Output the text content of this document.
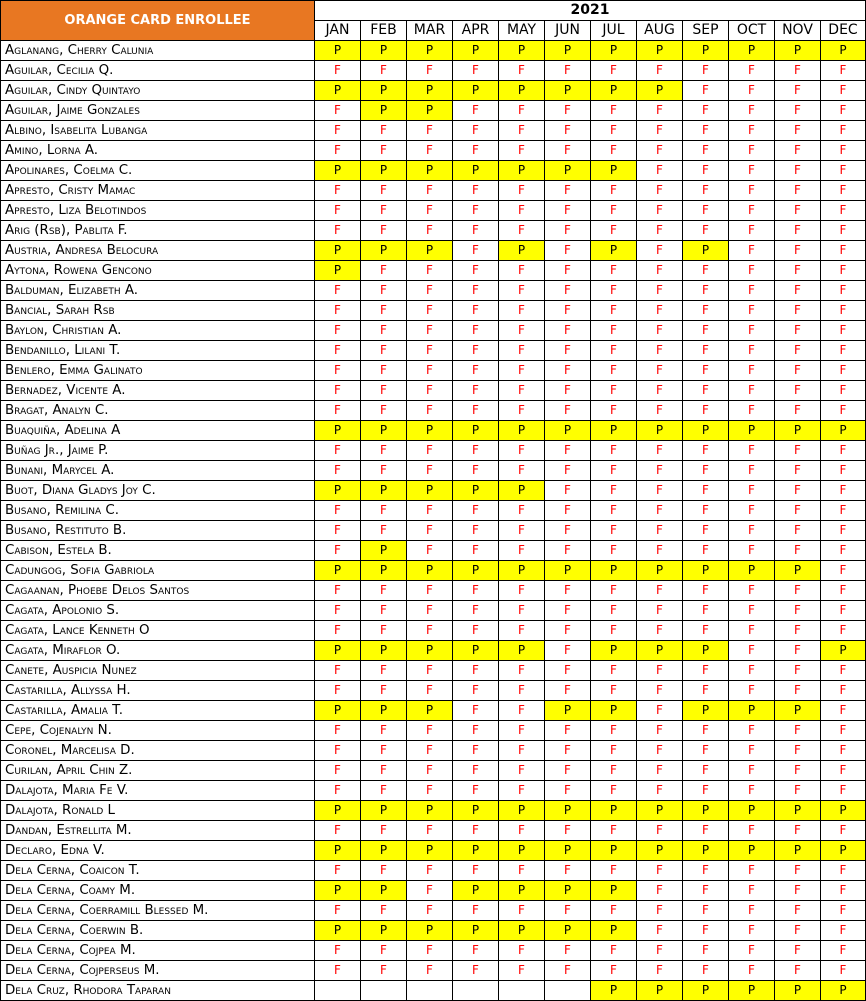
ORANGE CARD ENROLLEE	2021											
	JAN	FEB	MAR	APR	MAY	JUN	JUL	AUG	SEP	OCT	NOV	DEC
Aglanang, Cherry Calunia	P	P	P	P	P	P	P	P	P	P	P	P
Aguilar, Cecilia Q.	F	F	F	F	F	F	F	F	F	F	F	F
Aguilar, Cindy Quintayo	P	P	P	P	P	P	P	P	F	F	F	F
Aguilar, Jaime Gonzales	F	P	P	F	F	F	F	F	F	F	F	F
Albino, Isabelita Lubanga	F	F	F	F	F	F	F	F	F	F	F	F
Amino, Lorna A.	F	F	F	F	F	F	F	F	F	F	F	F
Apolinares, Coelma C.	P	P	P	P	P	P	P	F	F	F	F	F
Apresto, Cristy Mamac	F	F	F	F	F	F	F	F	F	F	F	F
Apresto, Liza Belotindos	F	F	F	F	F	F	F	F	F	F	F	F
Arig (Rsb), Pablita F.	F	F	F	F	F	F	F	F	F	F	F	F
Austria, Andresa Belocura	P	P	P	F	P	F	P	F	P	F	F	F
Aytona, Rowena Gencono	P	F	F	F	F	F	F	F	F	F	F	F
Balduman, Elizabeth A.	F	F	F	F	F	F	F	F	F	F	F	F
Bancial, Sarah Rsb	F	F	F	F	F	F	F	F	F	F	F	F
Baylon, Christian A.	F	F	F	F	F	F	F	F	F	F	F	F
Bendanillo, Lilani T.	F	F	F	F	F	F	F	F	F	F	F	F
Benlero, Emma Galinato	F	F	F	F	F	F	F	F	F	F	F	F
Bernadez, Vicente A.	F	F	F	F	F	F	F	F	F	F	F	F
Bragat, Analyn C.	F	F	F	F	F	F	F	F	F	F	F	F
Buaquiña, Adelina A	P	P	P	P	P	P	P	P	P	P	P	P
Buñag Jr., Jaime P.	F	F	F	F	F	F	F	F	F	F	F	F
Bunani, Marycel A.	F	F	F	F	F	F	F	F	F	F	F	F
Buot, Diana Gladys Joy C.	P	P	P	P	P	F	F	F	F	F	F	F
Busano, Remilina C.	F	F	F	F	F	F	F	F	F	F	F	F
Busano, Restituto B.	F	F	F	F	F	F	F	F	F	F	F	F
Cabison, Estela B.	F	P	F	F	F	F	F	F	F	F	F	F
Cadungog, Sofia Gabriola	P	P	P	P	P	P	P	P	P	P	P	F
Cagaanan, Phoebe Delos Santos	F	F	F	F	F	F	F	F	F	F	F	F
Cagata, Apolonio S.	F	F	F	F	F	F	F	F	F	F	F	F
Cagata, Lance Kenneth O	F	F	F	F	F	F	F	F	F	F	F	F
Cagata, Miraflor O.	P	P	P	P	P	F	P	P	P	F	F	P
Canete, Auspicia Nunez	F	F	F	F	F	F	F	F	F	F	F	F
Castarilla, Allyssa H.	F	F	F	F	F	F	F	F	F	F	F	F
Castarilla, Amalia T.	P	P	P	F	F	P	P	F	P	P	P	F
Cepe, Cojenalyn N.	F	F	F	F	F	F	F	F	F	F	F	F
Coronel, Marcelisa D.	F	F	F	F	F	F	F	F	F	F	F	F
Curilan, April Chin Z.	F	F	F	F	F	F	F	F	F	F	F	F
Dalajota, Maria Fe V.	F	F	F	F	F	F	F	F	F	F	F	F
Dalajota, Ronald L	P	P	P	P	P	P	P	P	P	P	P	P
Dandan, Estrellita M.	F	F	F	F	F	F	F	F	F	F	F	F
Declaro, Edna V.	P	P	P	P	P	P	P	P	P	P	P	P
Dela Cerna, Coaicon T.	F	F	F	F	F	F	F	F	F	F	F	F
Dela Cerna, Coamy M.	P	P	F	P	P	P	P	F	F	F	F	F
Dela Cerna, Coerramill Blessed M.	F	F	F	F	F	F	F	F	F	F	F	F
Dela Cerna, Coerwin B.	P	P	P	P	P	P	P	F	F	F	F	F
Dela Cerna, Cojpea M.	F	F	F	F	F	F	F	F	F	F	F	F
Dela Cerna, Cojperseus M.	F	F	F	F	F	F	F	F	F	F	F	F
Dela Cruz, Rhodora Taparan							P	P	P	P	P	P
